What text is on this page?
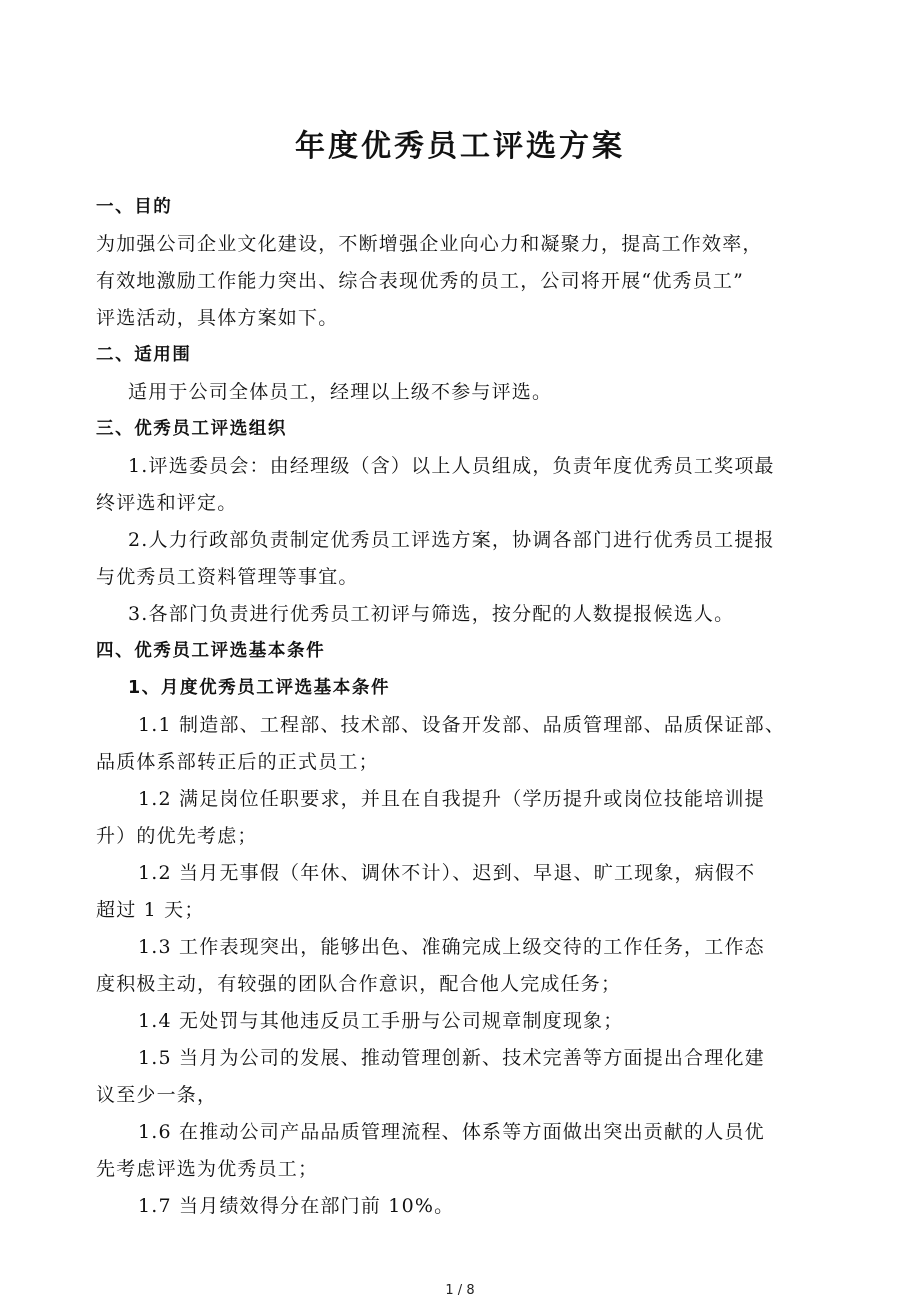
年度优秀员工评选方案
一、目的
为加强公司企业文化建设，不断增强企业向心力和凝聚力，提高工作效率，
有效地激励工作能力突出、综合表现优秀的员工，公司将开展“优秀员工”
评选活动，具体方案如下。
二、适用围
适用于公司全体员工，经理以上级不参与评选。
三、优秀员工评选组织
1.评选委员会：由经理级（含）以上人员组成，负责年度优秀员工奖项最
终评选和评定。
2.人力行政部负责制定优秀员工评选方案，协调各部门进行优秀员工提报
与优秀员工资料管理等事宜。
3.各部门负责进行优秀员工初评与筛选，按分配的人数提报候选人。
四、优秀员工评选基本条件
1、月度优秀员工评选基本条件
1.1 制造部、工程部、技术部、设备开发部、品质管理部、品质保证部、
品质体系部转正后的正式员工；
1.2 满足岗位任职要求，并且在自我提升（学历提升或岗位技能培训提
升）的优先考虑；
1.2 当月无事假（年休、调休不计）、迟到、早退、旷工现象，病假不
超过 1 天；
1.3 工作表现突出，能够出色、准确完成上级交待的工作任务，工作态
度积极主动，有较强的团队合作意识，配合他人完成任务；
1.4 无处罚与其他违反员工手册与公司规章制度现象；
1.5 当月为公司的发展、推动管理创新、技术完善等方面提出合理化建
议至少一条，
1.6 在推动公司产品品质管理流程、体系等方面做出突出贡献的人员优
先考虑评选为优秀员工；
1.7 当月绩效得分在部门前 10%。
1 / 8
